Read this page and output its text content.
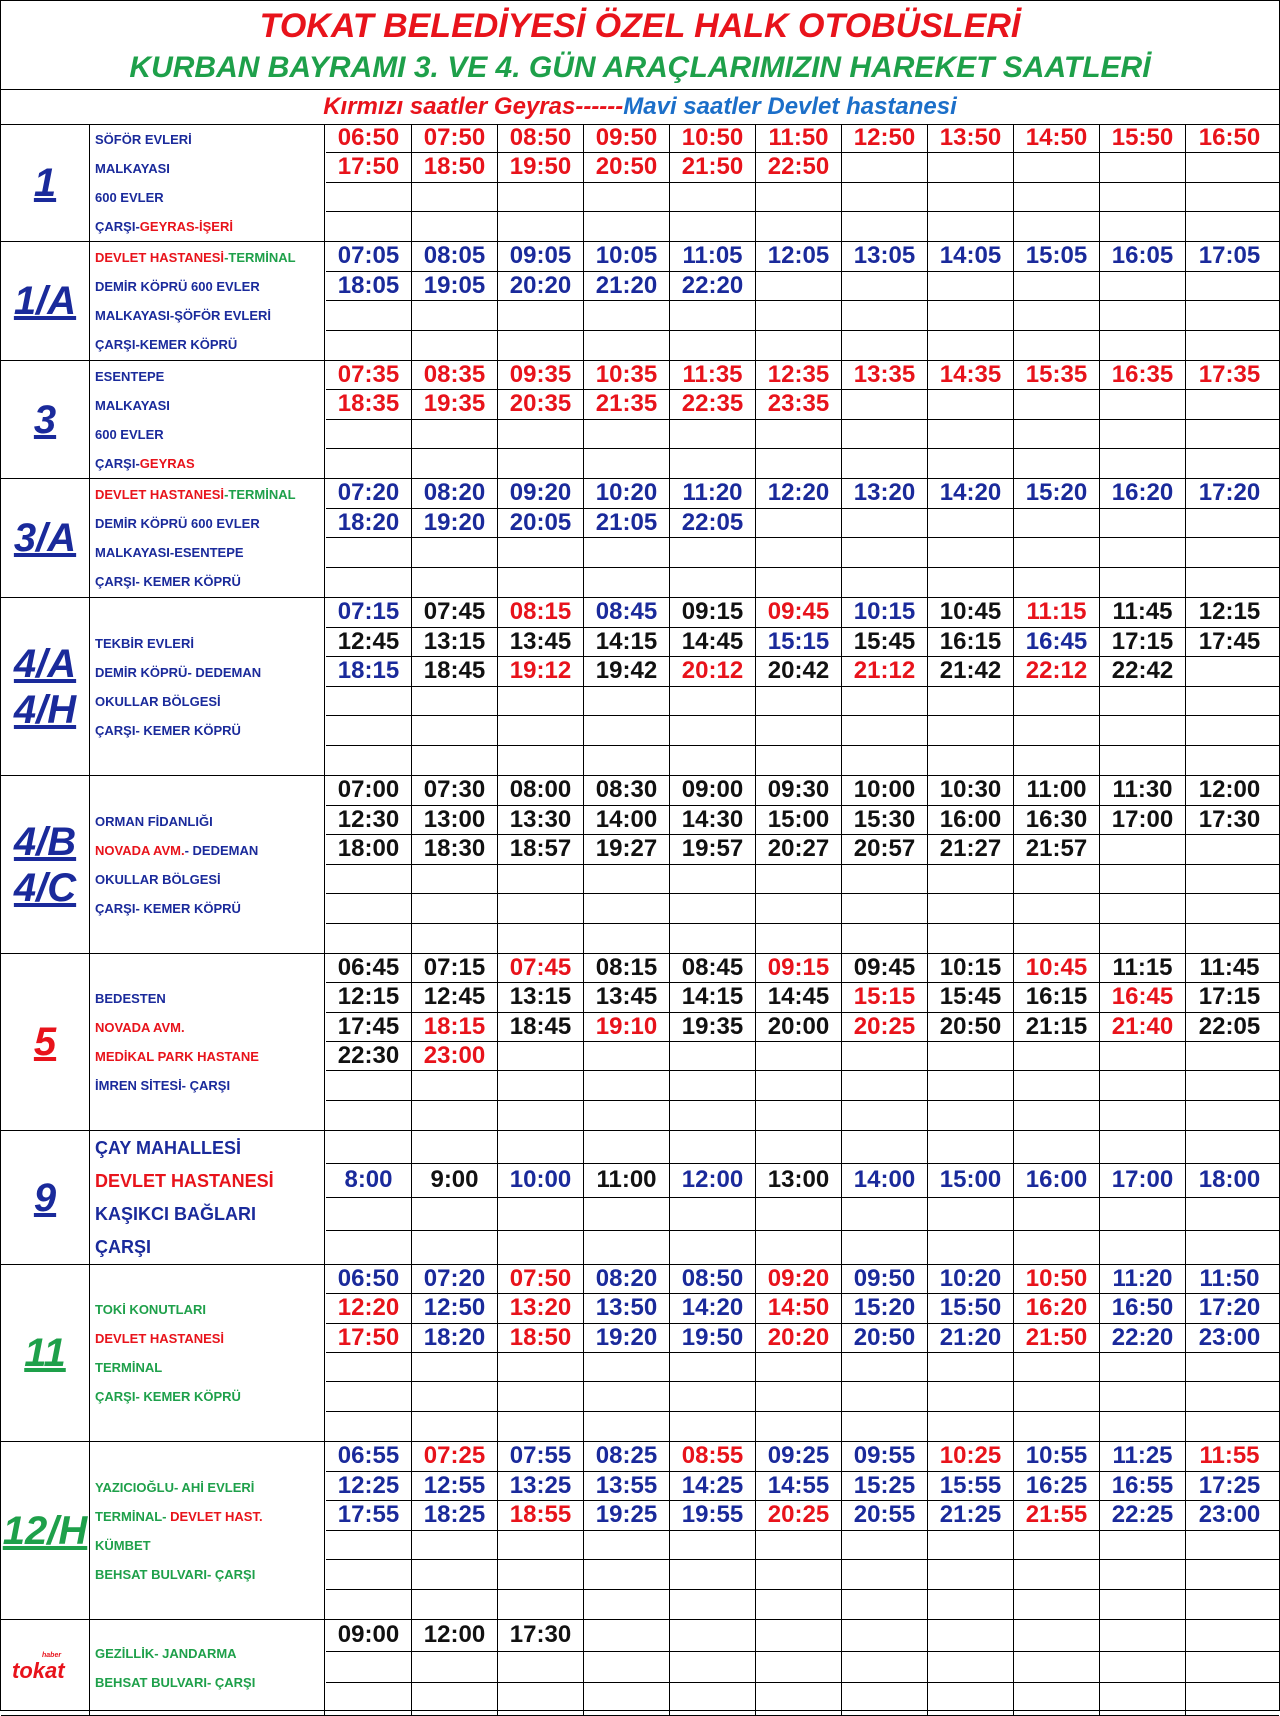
TOKAT BELEDİYESİ ÖZEL HALK OTOBÜSLERİ
KURBAN BAYRAMI 3. VE 4. GÜN ARAÇLARIMIZIN HAREKET SAATLERİ
Kırmızı saatler Geyras------Mavi saatler Devlet hastanesi
1
SÖFÖR EVLERİ
MALKAYASI
600 EVLER
ÇARŞI-GEYRAS-İŞERİ
06:50	07:50	08:50	09:50	10:50	11:50	12:50	13:50	14:50	15:50	16:50
17:50	18:50	19:50	20:50	21:50	22:50
1/A
DEVLET HASTANESİ-TERMİNAL
DEMİR KÖPRÜ 600 EVLER
MALKAYASI-ŞÖFÖR EVLERİ
ÇARŞI-KEMER KÖPRÜ
07:05	08:05	09:05	10:05	11:05	12:05	13:05	14:05	15:05	16:05	17:05
18:05	19:05	20:20	21:20	22:20
3
ESENTEPE
MALKAYASI
600 EVLER
ÇARŞI-GEYRAS
07:35	08:35	09:35	10:35	11:35	12:35	13:35	14:35	15:35	16:35	17:35
18:35	19:35	20:35	21:35	22:35	23:35
3/A
DEVLET HASTANESİ-TERMİNAL
DEMİR KÖPRÜ 600 EVLER
MALKAYASI-ESENTEPE
ÇARŞI- KEMER KÖPRÜ
07:20	08:20	09:20	10:20	11:20	12:20	13:20	14:20	15:20	16:20	17:20
18:20	19:20	20:05	21:05	22:05
4/A
4/H
TEKBİR EVLERİ
DEMİR KÖPRÜ- DEDEMAN
OKULLAR BÖLGESİ
ÇARŞI- KEMER KÖPRÜ
07:15	07:45	08:15	08:45	09:15	09:45	10:15	10:45	11:15	11:45	12:15
12:45	13:15	13:45	14:15	14:45	15:15	15:45	16:15	16:45	17:15	17:45
18:15	18:45	19:12	19:42	20:12	20:42	21:12	21:42	22:12	22:42
4/B
4/C
ORMAN FİDANLIĞI
NOVADA AVM.- DEDEMAN
OKULLAR BÖLGESİ
ÇARŞI- KEMER KÖPRÜ
07:00	07:30	08:00	08:30	09:00	09:30	10:00	10:30	11:00	11:30	12:00
12:30	13:00	13:30	14:00	14:30	15:00	15:30	16:00	16:30	17:00	17:30
18:00	18:30	18:57	19:27	19:57	20:27	20:57	21:27	21:57
5
BEDESTEN
NOVADA AVM.
MEDİKAL PARK HASTANE
İMREN SİTESİ- ÇARŞI
06:45	07:15	07:45	08:15	08:45	09:15	09:45	10:15	10:45	11:15	11:45
12:15	12:45	13:15	13:45	14:15	14:45	15:15	15:45	16:15	16:45	17:15
17:45	18:15	18:45	19:10	19:35	20:00	20:25	20:50	21:15	21:40	22:05
22:30	23:00
9
ÇAY MAHALLESİ
DEVLET HASTANESİ
KAŞIKCI BAĞLARI
ÇARŞI
8:00	9:00	10:00	11:00	12:00	13:00	14:00	15:00	16:00	17:00	18:00
11
TOKİ KONUTLARI
DEVLET HASTANESİ
TERMİNAL
ÇARŞI- KEMER KÖPRÜ
06:50	07:20	07:50	08:20	08:50	09:20	09:50	10:20	10:50	11:20	11:50
12:20	12:50	13:20	13:50	14:20	14:50	15:20	15:50	16:20	16:50	17:20
17:50	18:20	18:50	19:20	19:50	20:20	20:50	21:20	21:50	22:20	23:00
12/H
YAZICIOĞLU- AHİ EVLERİ
TERMİNAL- DEVLET HAST.
KÜMBET
BEHSAT BULVARI- ÇARŞI
06:55	07:25	07:55	08:25	08:55	09:25	09:55	10:25	10:55	11:25	11:55
12:25	12:55	13:25	13:55	14:25	14:55	15:25	15:55	16:25	16:55	17:25
17:55	18:25	18:55	19:25	19:55	20:25	20:55	21:25	21:55	22:25	23:00
GEZİLLİK- JANDARMA
BEHSAT BULVARI- ÇARŞI
09:00	12:00	17:30
haber
tokat
